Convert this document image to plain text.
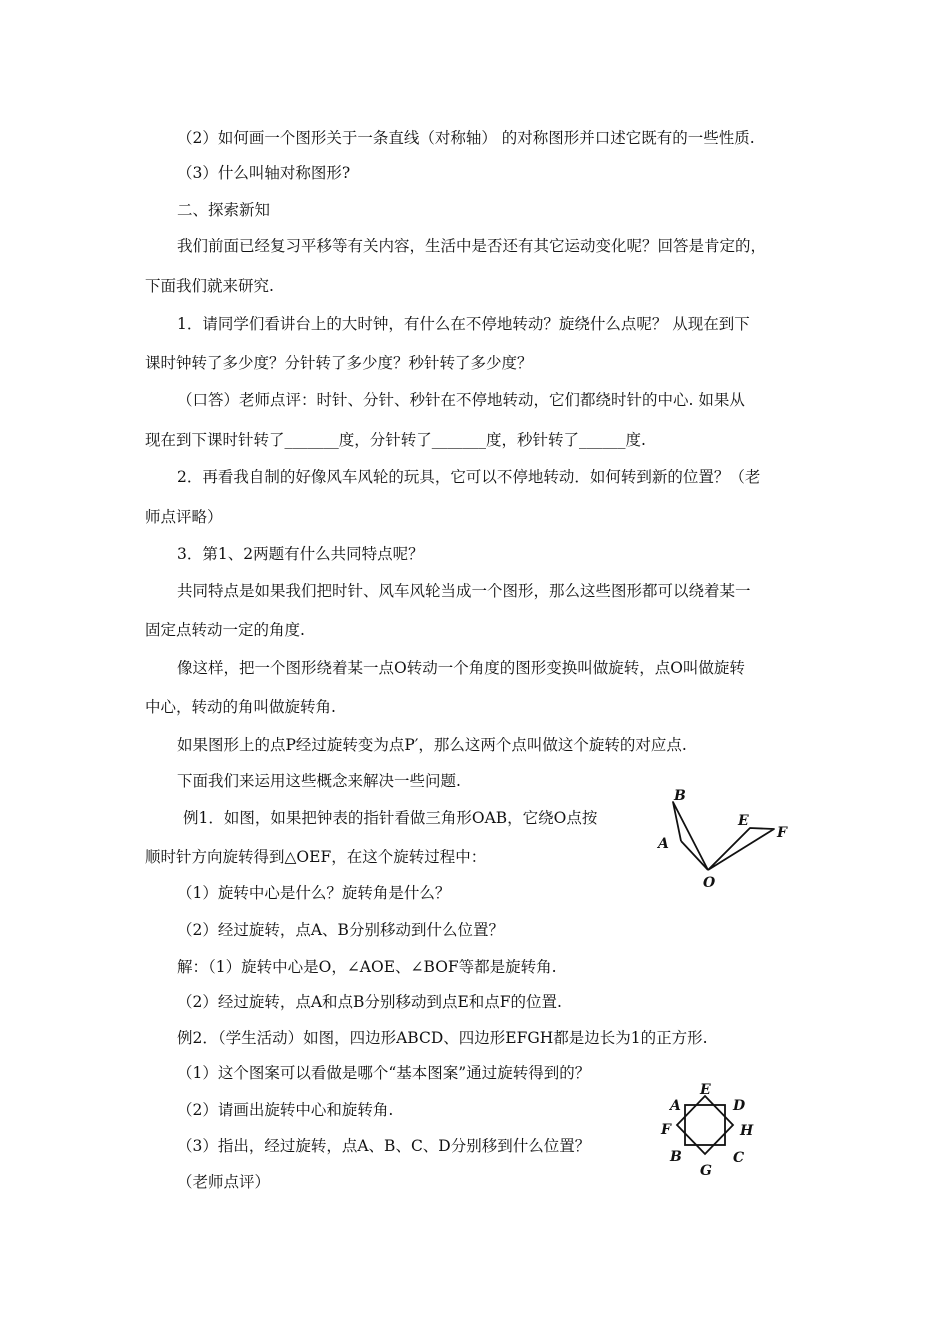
（2）如何画一个图形关于一条直线（对称轴） 的对称图形并口述它既有的一些性质.
（3）什么叫轴对称图形?
二、探索新知
我们前面已经复习平移等有关内容，生活中是否还有其它运动变化呢？回答是肯定的，
下面我们就来研究.
1．请同学们看讲台上的大时钟，有什么在不停地转动？旋绕什么点呢？ 从现在到下
课时钟转了多少度？分针转了多少度？秒针转了多少度？
（口答）老师点评：时针、分针、秒针在不停地转动，它们都绕时针的中心. 如果从
现在到下课时针转了_______度，分针转了_______度，秒针转了______度.
2．再看我自制的好像风车风轮的玩具，它可以不停地转动．如何转到新的位置？（老
师点评略）
3．第1、2两题有什么共同特点呢？
共同特点是如果我们把时针、风车风轮当成一个图形，那么这些图形都可以绕着某一
固定点转动一定的角度.
像这样，把一个图形绕着某一点O转动一个角度的图形变换叫做旋转，点O叫做旋转
中心，转动的角叫做旋转角.
如果图形上的点P经过旋转变为点P′，那么这两个点叫做这个旋转的对应点.
下面我们来运用这些概念来解决一些问题.
例1．如图，如果把钟表的指针看做三角形OAB，它绕O点按
顺时针方向旋转得到△OEF，在这个旋转过程中：
（1）旋转中心是什么？旋转角是什么？
（2）经过旋转，点A、B分别移动到什么位置？
解：（1）旋转中心是O，∠AOE、∠BOF等都是旋转角.
（2）经过旋转，点A和点B分别移动到点E和点F的位置.
例2．（学生活动）如图，四边形ABCD、四边形EFGH都是边长为1的正方形.
（1）这个图案可以看做是哪个“基本图案”通过旋转得到的？
（2）请画出旋转中心和旋转角.
（3）指出，经过旋转，点A、B、C、D分别移到什么位置？
（老师点评）
B
A
E
F
O
E
A	D
F	H
B
G
C
